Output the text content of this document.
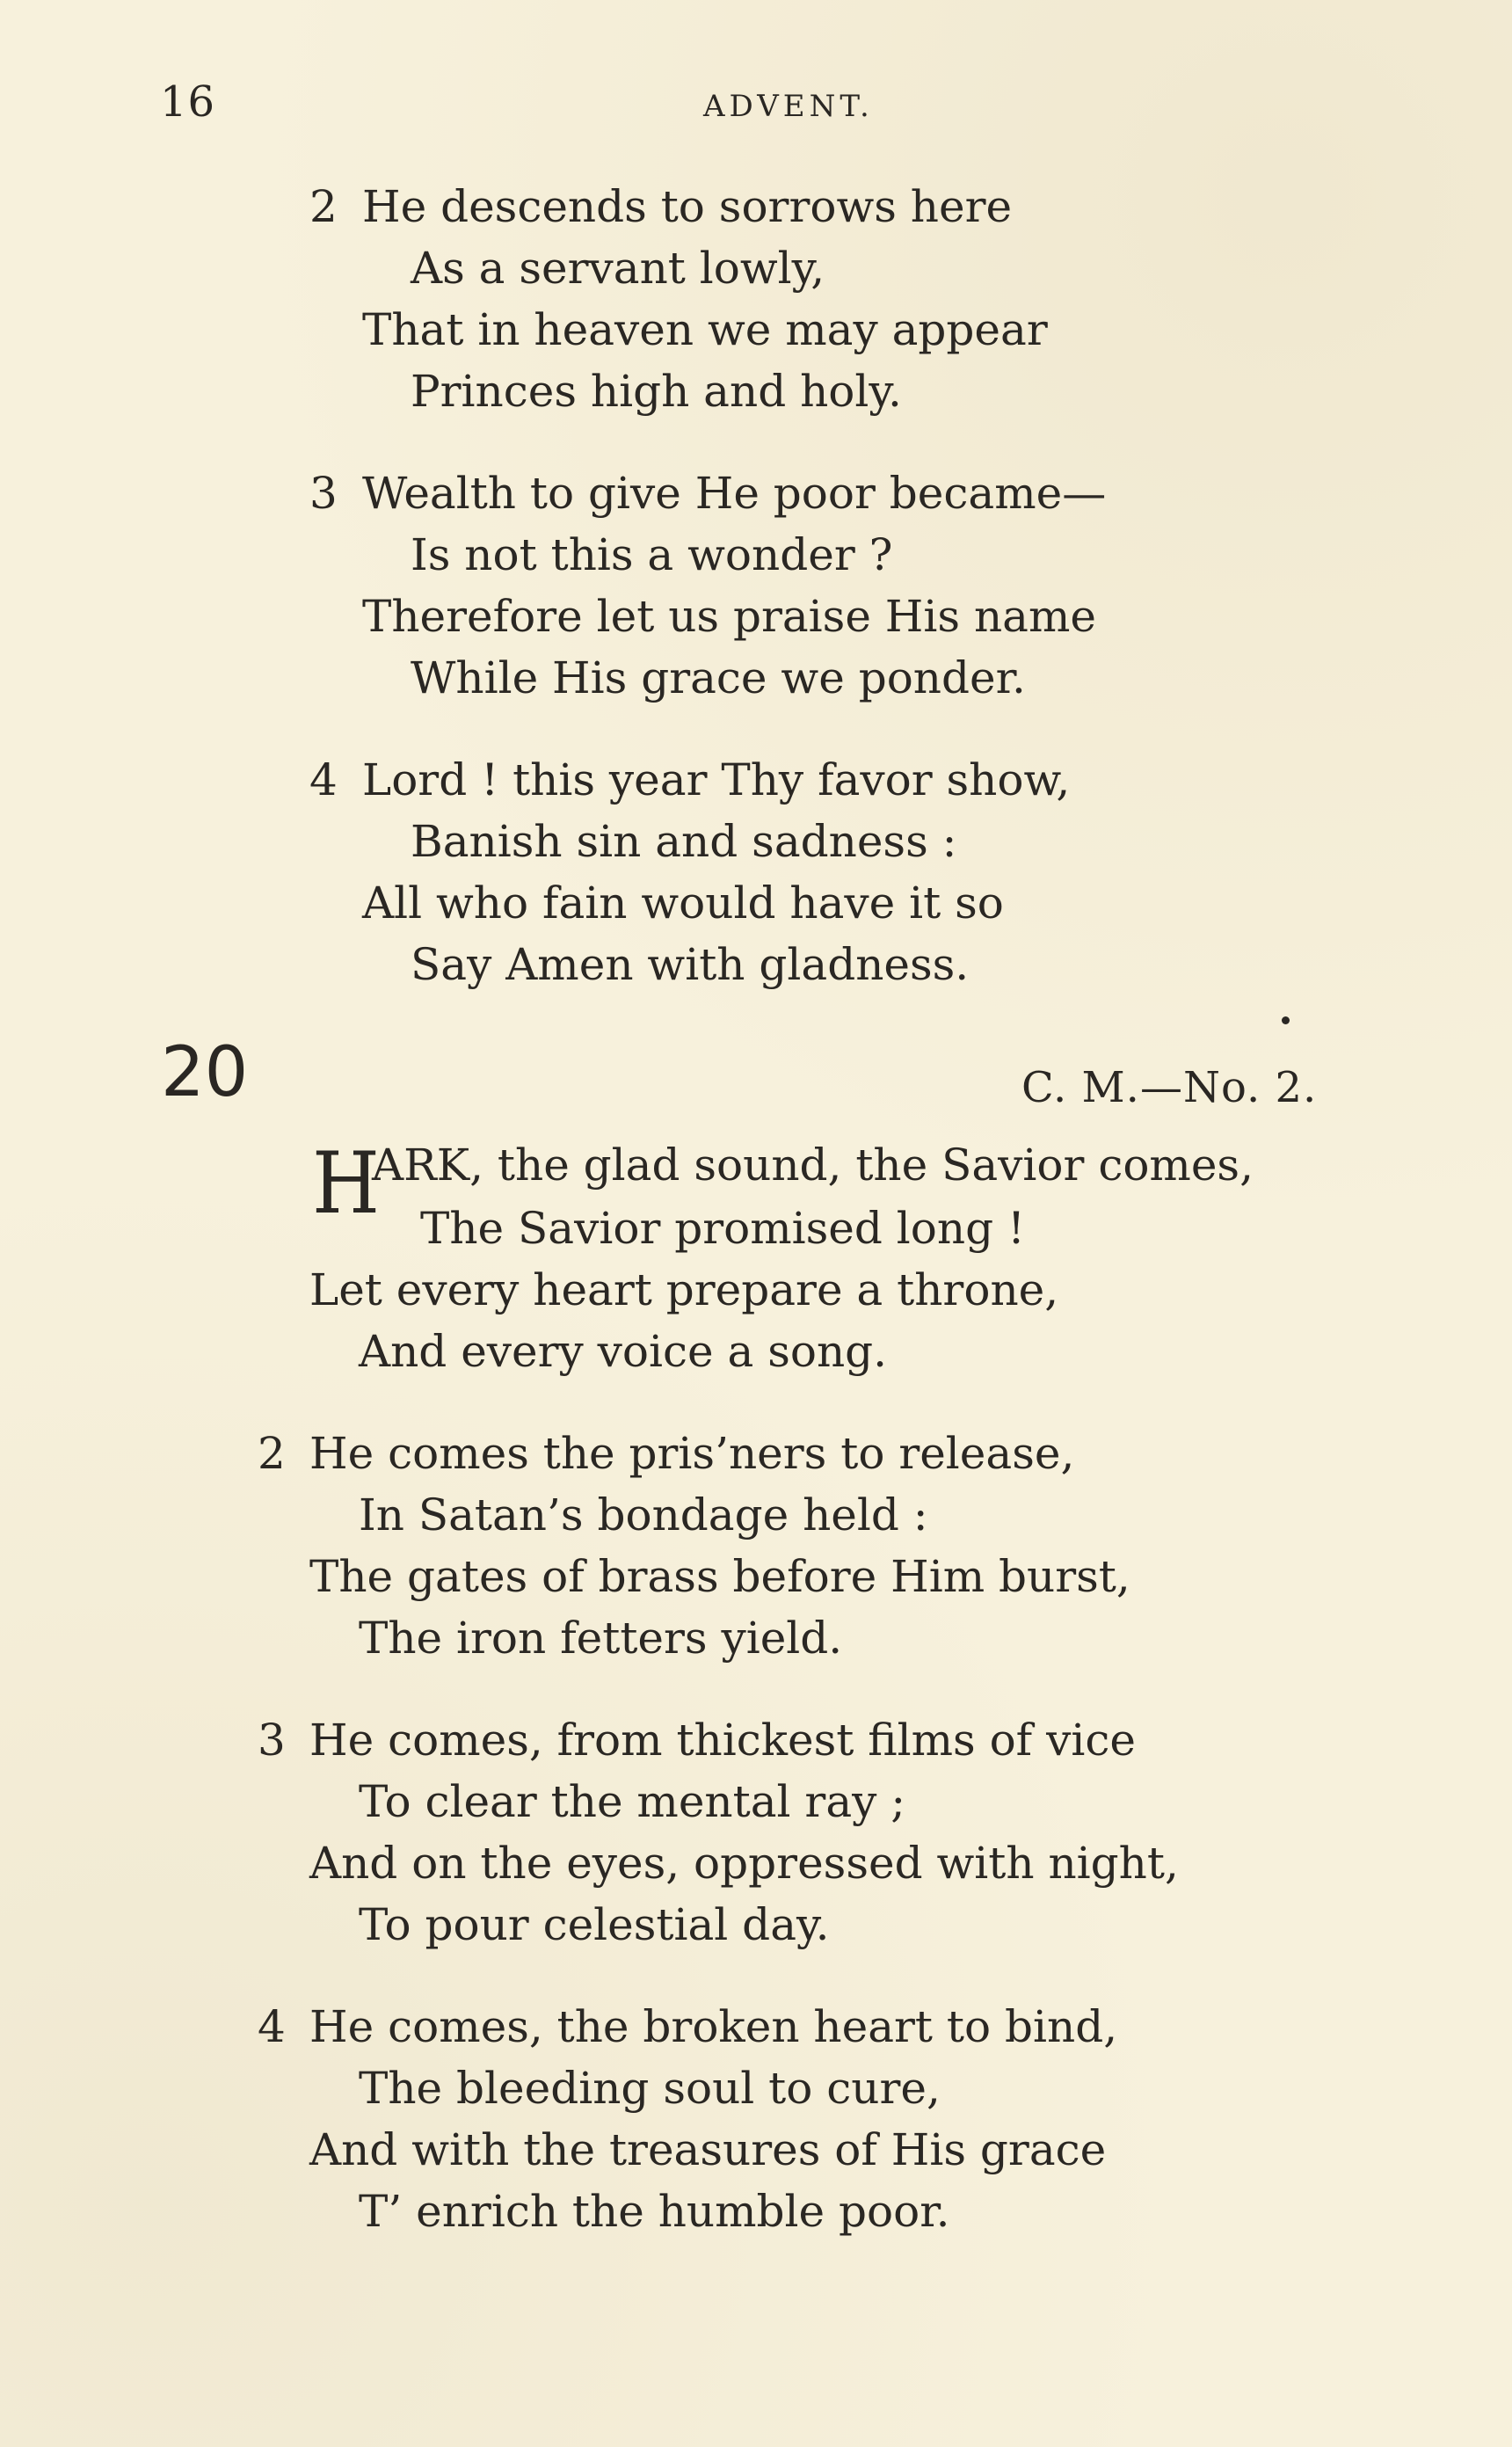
16	ADVENT.
2 He descends to sorrows here
As a servant lowly,
That in heaven we may appear
Princes high and holy.
3 Wealth to give He poor became—
Is not this a wonder ?
Therefore let us praise His name
While His grace we ponder.
4 Lord ! this year Thy favor show,
Banish sin and sadness :
All who fain would have it so
Say Amen with gladness.
20	C. M.—No. 2.
H
ARK, the glad sound, the Savior comes,
The Savior promised long !
Let every heart prepare a throne,
And every voice a song.
2 He comes the pris’ners to release,
In Satan’s bondage held :
The gates of brass before Him burst,
The iron fetters yield.
3 He comes, from thickest films of vice
To clear the mental ray ;
And on the eyes, oppressed with night,
To pour celestial day.
4 He comes, the broken heart to bind,
The bleeding soul to cure,
And with the treasures of His grace
T’ enrich the humble poor.
